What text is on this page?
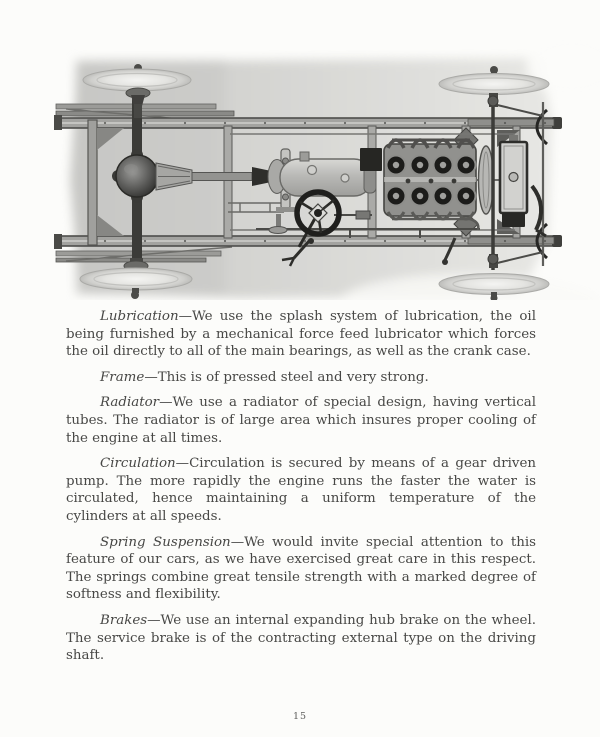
Lubrication—We use the splash system of lubrication, the oil being furnished by a mechanical force feed lubricator which forces the oil directly to all of the main bearings, as well as the crank case.

Frame—This is of pressed steel and very strong.

Radiator—We use a radiator of special design, having vertical tubes. The radiator is of large area which insures proper cooling of the engine at all times.

Circulation—Circulation is secured by means of a gear driven pump. The more rapidly the engine runs the faster the water is circulated, hence maintaining a uniform temperature of the cylinders at all speeds.

Spring Suspension—We would invite special attention to this feature of our cars, as we have exercised great care in this respect. The springs combine great tensile strength with a marked degree of softness and flexibility.

Brakes—We use an internal expanding hub brake on the wheel. The service brake is of the contracting external type on the driving shaft.

15
